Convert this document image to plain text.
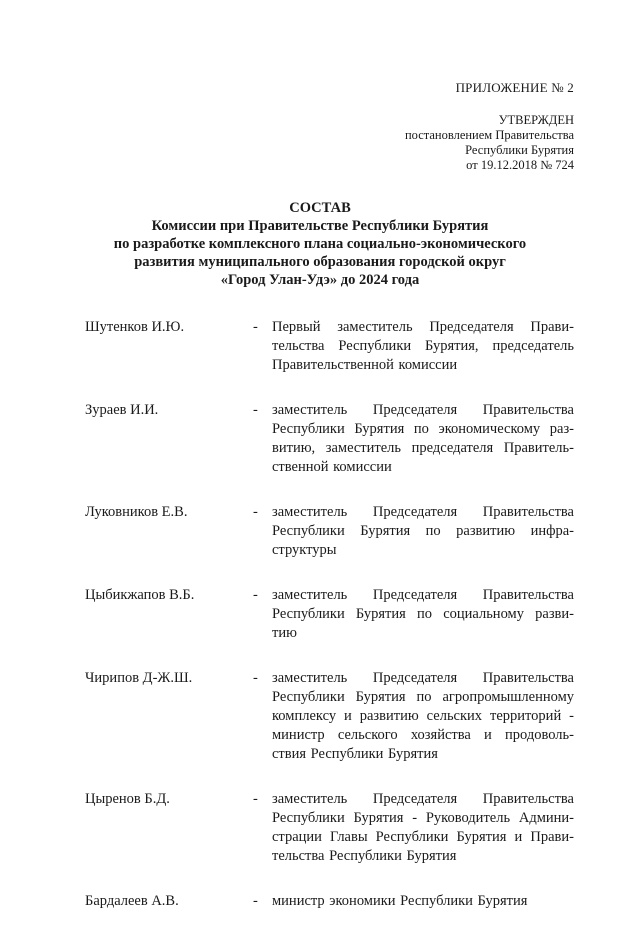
ПРИЛОЖЕНИЕ № 2
УТВЕРЖДЕН
постановлением Правительства
Республики Бурятия
от 19.12.2018 № 724
СОСТАВ
Комиссии при Правительстве Республики Бурятия
по разработке комплексного плана социально-экономического
развития муниципального образования городской округ
«Город Улан-Удэ» до 2024 года
Шутенков И.Ю.	- Первый заместитель Председателя Прави-
тельства Республики Бурятия, председатель
Правительственной комиссии
Зураев И.И.	- заместитель Председателя Правительства
Республики Бурятия по экономическому раз-
витию, заместитель председателя Правитель-
ственной комиссии
Луковников Е.В.	- заместитель Председателя Правительства
Республики Бурятия по развитию инфра-
структуры
Цыбикжапов В.Б.	- заместитель Председателя Правительства
Республики Бурятия по социальному разви-
тию
Чирипов Д-Ж.Ш.	- заместитель Председателя Правительства
Республики Бурятия по агропромышленному
комплексу и развитию сельских территорий -
министр сельского хозяйства и продоволь-
ствия Республики Бурятия
Цыренов Б.Д.	- заместитель Председателя Правительства
Республики Бурятия - Руководитель Админи-
страции Главы Республики Бурятия и Прави-
тельства Республики Бурятия
Бардалеев А.В.	- министр экономики Республики Бурятия
